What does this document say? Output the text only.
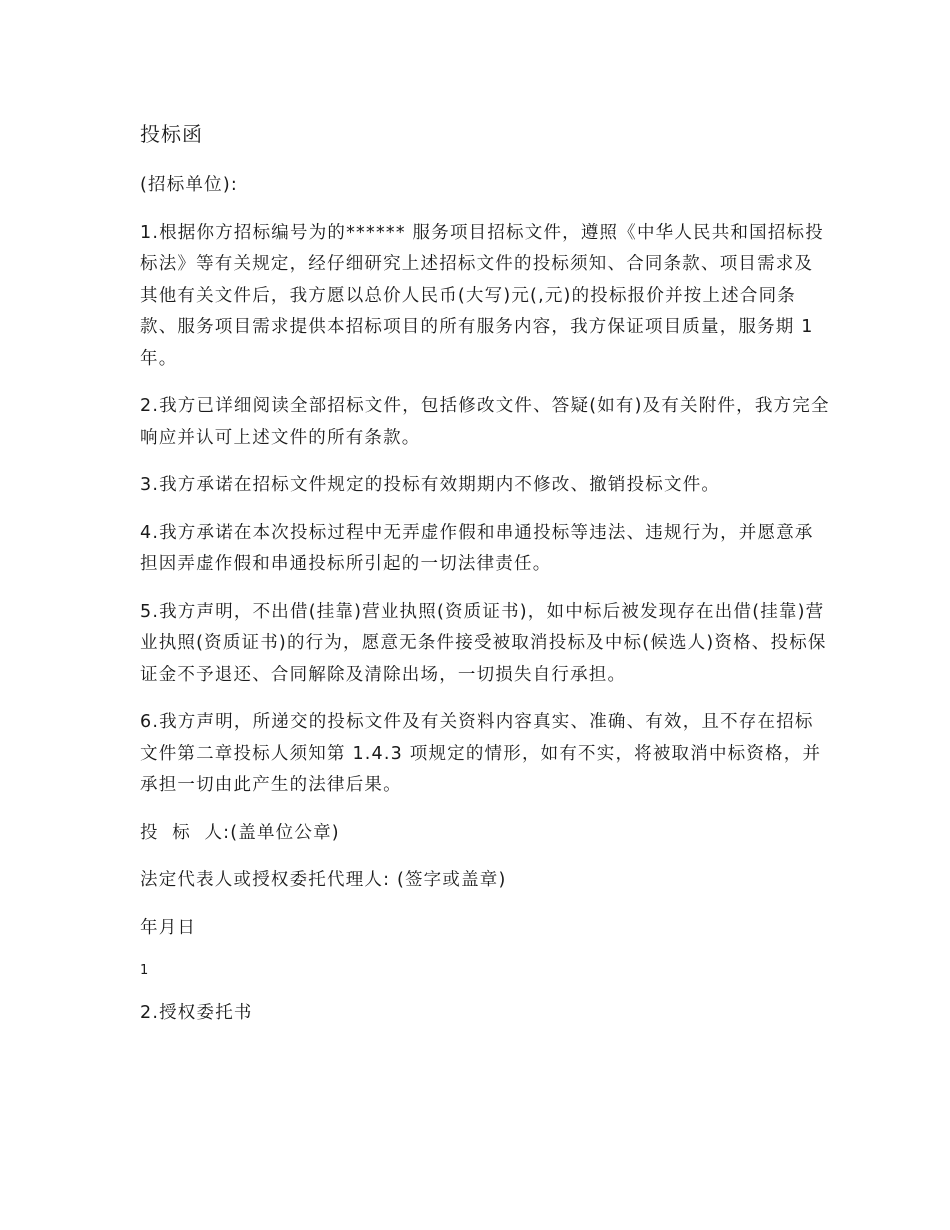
投标函
(招标单位):
1.根据你方招标编号为的****** 服务项目招标文件，遵照《中华人民共和国招标投标法》等有关规定，经仔细研究上述招标文件的投标须知、合同条款、项目需求及其他有关文件后，我方愿以总价人民币(大写)元(,元)的投标报价并按上述合同条款、服务项目需求提供本招标项目的所有服务内容，我方保证项目质量，服务期 1 年。
2.我方已详细阅读全部招标文件，包括修改文件、答疑(如有)及有关附件，我方完全响应并认可上述文件的所有条款。
3.我方承诺在招标文件规定的投标有效期期内不修改、撤销投标文件。
4.我方承诺在本次投标过程中无弄虚作假和串通投标等违法、违规行为，并愿意承担因弄虚作假和串通投标所引起的一切法律责任。
5.我方声明，不出借(挂靠)营业执照(资质证书)，如中标后被发现存在出借(挂靠)营业执照(资质证书)的行为，愿意无条件接受被取消投标及中标(候选人)资格、投标保证金不予退还、合同解除及清除出场，一切损失自行承担。
6.我方声明，所递交的投标文件及有关资料内容真实、准确、有效，且不存在招标文件第二章投标人须知第 1.4.3 项规定的情形，如有不实，将被取消中标资格，并承担一切由此产生的法律后果。
投  标  人:(盖单位公章)
法定代表人或授权委托代理人: (签字或盖章)
年月日
1
2.授权委托书
